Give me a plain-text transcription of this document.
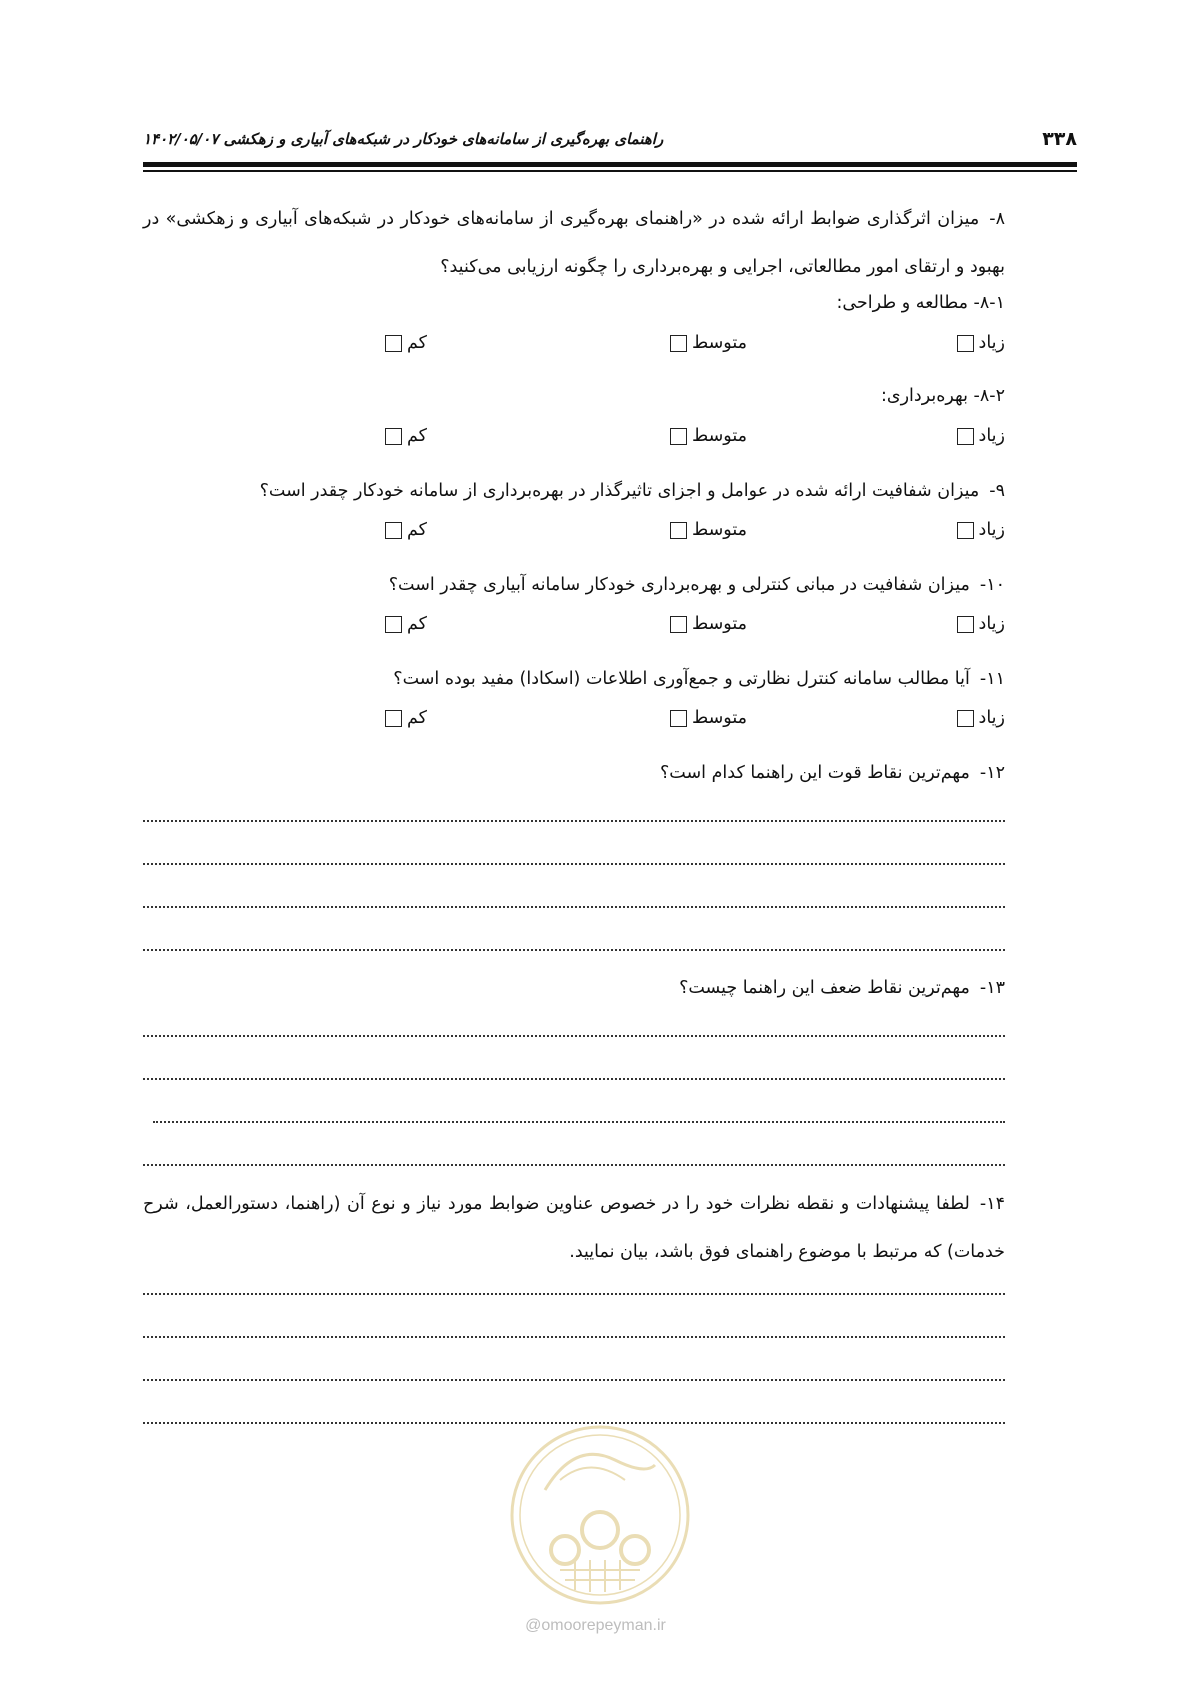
۳۳۸
راهنمای بهره‌گیری از سامانه‌های خودکار در شبکه‌های آبیاری و زهکشی ۱۴۰۲/۰۵/۰۷
۸-میزان اثرگذاری ضوابط ارائه شده در «راهنمای بهره‌گیری از سامانه‌های خودکار در شبکه‌های آبیاری و زهکشی» در بهبود و ارتقای امور مطالعاتی، اجرایی و بهره‌برداری را چگونه ارزیابی می‌کنید؟
۸-۱- مطالعه و طراحی:
زیاد
متوسط
کم
۸-۲- بهره‌برداری:
زیاد
متوسط
کم
۹-میزان شفافیت ارائه شده در عوامل و اجزای تاثیرگذار در بهره‌برداری از سامانه خودکار چقدر است؟
زیاد
متوسط
کم
۱۰-میزان شفافیت در مبانی کنترلی و بهره‌برداری خودکار سامانه آبیاری چقدر است؟
زیاد
متوسط
کم
۱۱-آیا مطالب سامانه کنترل نظارتی و جمع‌آوری اطلاعات (اسکادا) مفید بوده است؟
زیاد
متوسط
کم
۱۲-مهم‌ترین نقاط قوت این راهنما کدام است؟
۱۳-مهم‌ترین نقاط ضعف این راهنما چیست؟
۱۴-لطفا پیشنهادات و نقطه نظرات خود را در خصوص عناوین ضوابط مورد نیاز و نوع آن (راهنما، دستورالعمل، شرح خدمات) که مرتبط با موضوع راهنمای فوق باشد، بیان نمایید.
@omoorepeyman.ir
